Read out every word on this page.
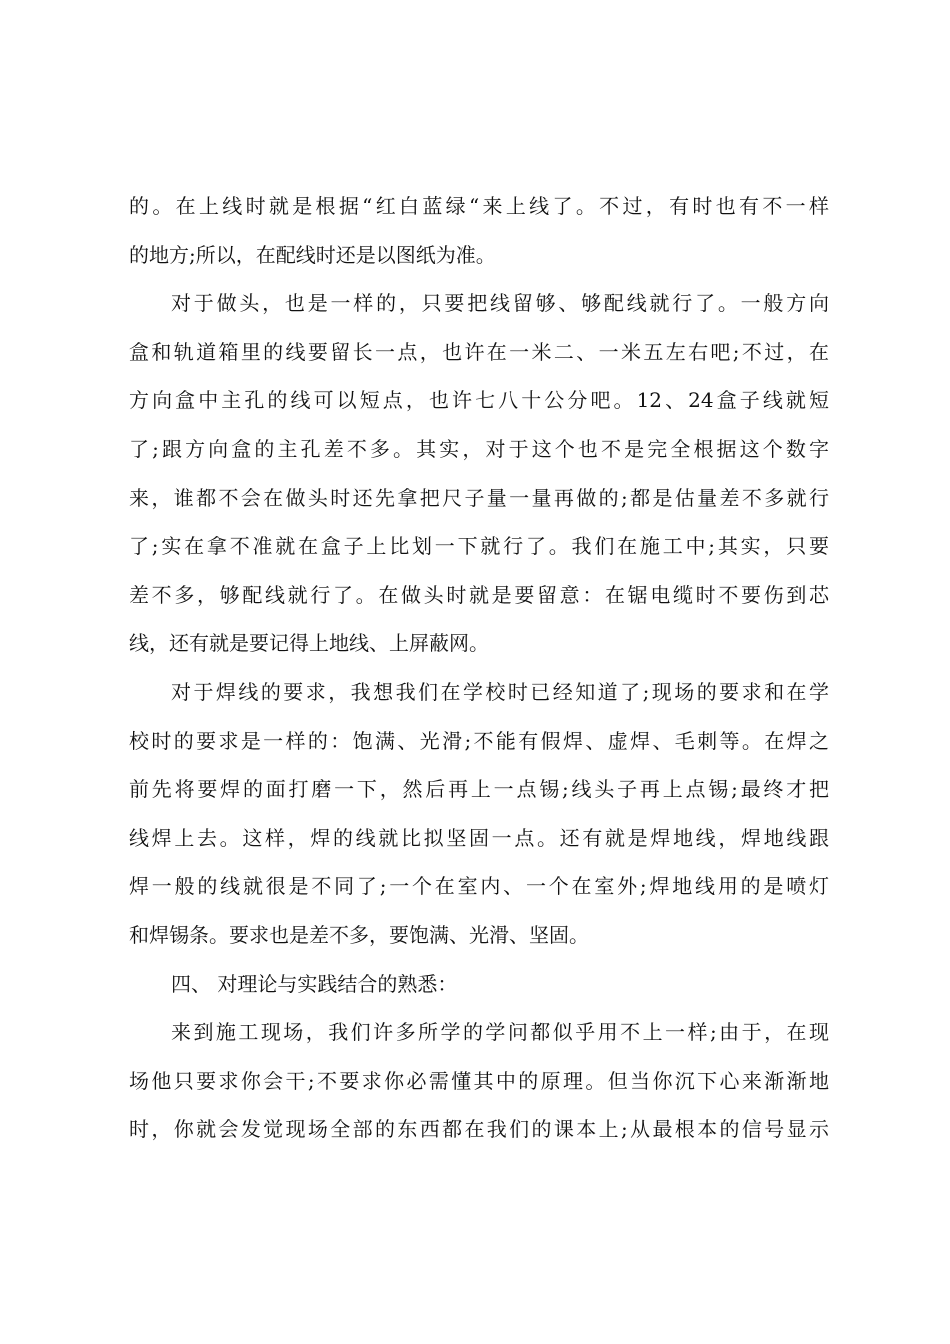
的。在上线时就是根据“红白蓝绿“来上线了。不过，有时也有不一样
的地方;所以，在配线时还是以图纸为准。
对于做头，也是一样的，只要把线留够、够配线就行了。一般方向
盒和轨道箱里的线要留长一点，也许在一米二、一米五左右吧;不过，在
方向盒中主孔的线可以短点，也许七八十公分吧。12、24盒子线就短
了;跟方向盒的主孔差不多。其实，对于这个也不是完全根据这个数字
来，谁都不会在做头时还先拿把尺子量一量再做的;都是估量差不多就行
了;实在拿不准就在盒子上比划一下就行了。我们在施工中;其实，只要
差不多，够配线就行了。在做头时就是要留意：在锯电缆时不要伤到芯
线，还有就是要记得上地线、上屏蔽网。
对于焊线的要求，我想我们在学校时已经知道了;现场的要求和在学
校时的要求是一样的：饱满、光滑;不能有假焊、虚焊、毛刺等。在焊之
前先将要焊的面打磨一下，然后再上一点锡;线头子再上点锡;最终才把
线焊上去。这样，焊的线就比拟坚固一点。还有就是焊地线，焊地线跟
焊一般的线就很是不同了;一个在室内、一个在室外;焊地线用的是喷灯
和焊锡条。要求也是差不多，要饱满、光滑、坚固。
四、 对理论与实践结合的熟悉：
来到施工现场，我们许多所学的学问都似乎用不上一样;由于，在现
场他只要求你会干;不要求你必需懂其中的原理。但当你沉下心来渐渐地
时，你就会发觉现场全部的东西都在我们的课本上;从最根本的信号显示
